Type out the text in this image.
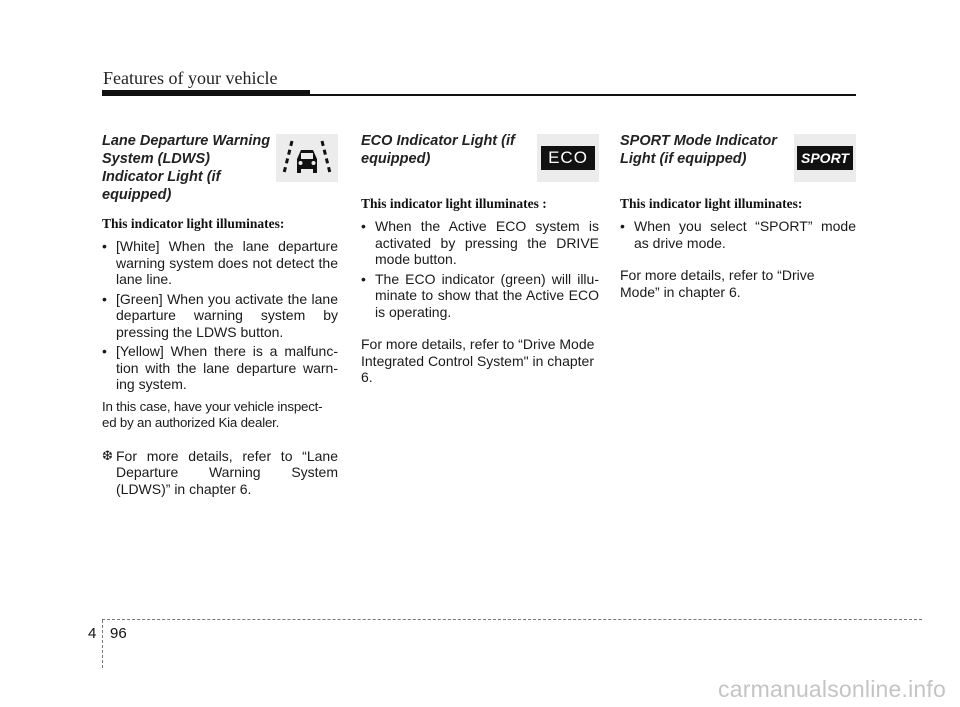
Features of your vehicle

Lane Departure Warning System (LDWS) Indicator Light (if equipped)

This indicator light illuminates:

• [White] When the lane departure warning system does not detect the lane line.
• [Green] When you activate the lane departure warning system by pressing the LDWS button.
• [Yellow] When there is a malfunc- tion with the lane departure warn- ing system.

In this case, have your vehicle inspect- ed by an authorized Kia dealer.

❆ For more details, refer to “Lane Departure Warning System (LDWS)” in chapter 6.

ECO Indicator Light (if equipped)	ECO

This indicator light illuminates :

• When the Active ECO system is activated by pressing the DRIVE mode button.
• The ECO indicator (green) will illu- minate to show that the Active ECO is operating.

For more details, refer to “Drive Mode Integrated Control System" in chapter 6.

SPORT Mode Indicator Light (if equipped)	SPORT

This indicator light illuminates:

• When you select “SPORT” mode as drive mode.

For more details, refer to “Drive Mode” in chapter 6.

4 96
carmanualsonline.info
